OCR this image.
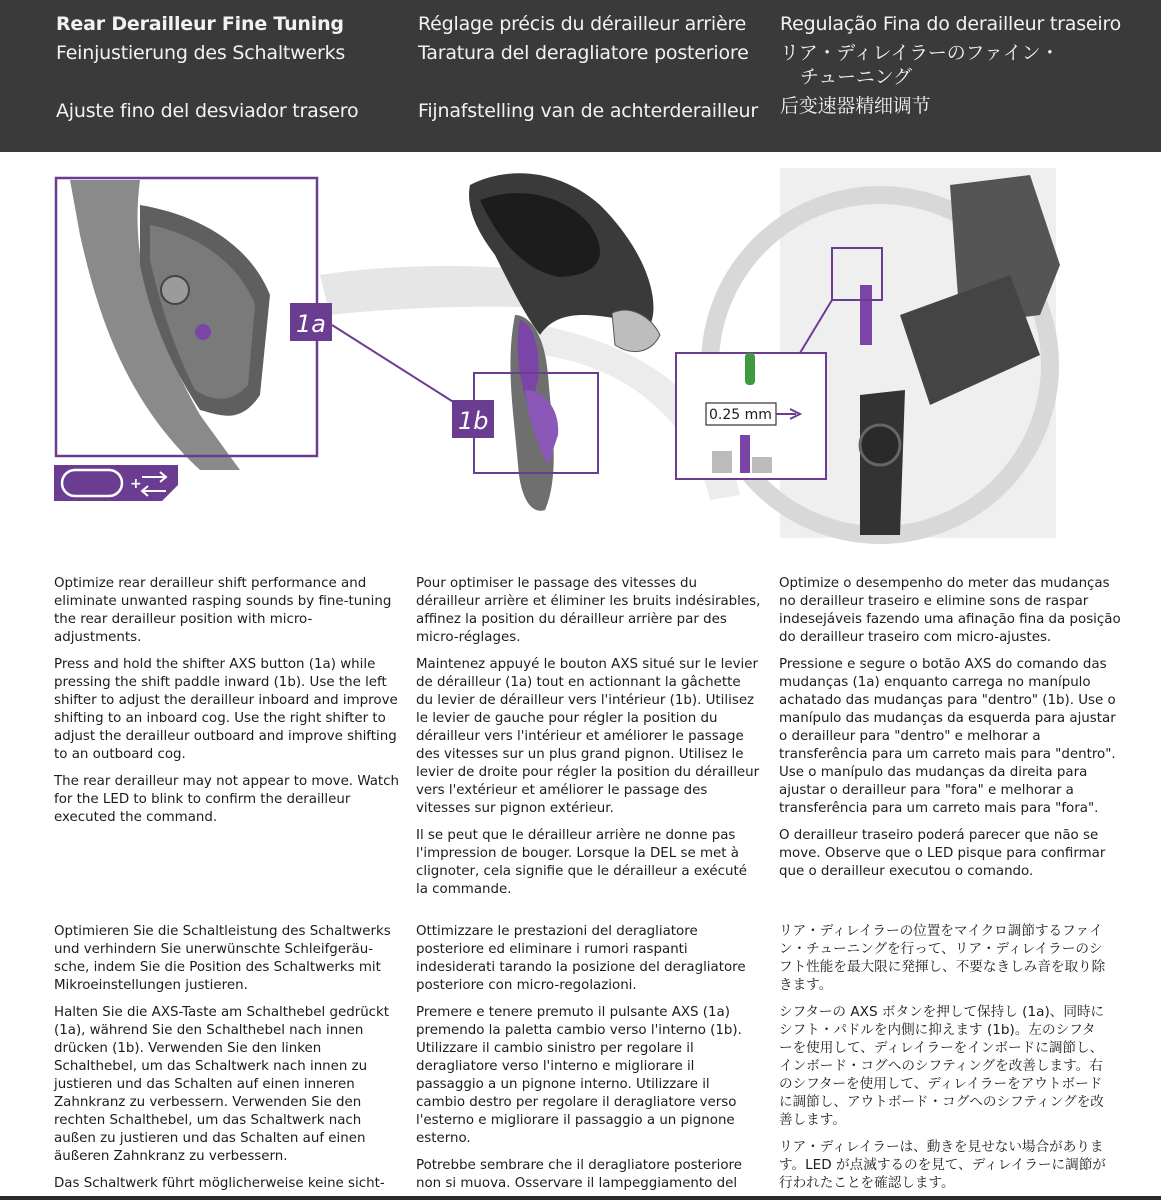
Rear Derailleur Fine Tuning
Feinjustierung des Schaltwerks
Ajuste fino del desviador trasero
Réglage précis du dérailleur arrière
Taratura del deragliatore posteriore
Fijnafstelling van de achterderailleur
Regulação Fina do derailleur traseiro
リア・ディレイラーのファイン・
チューニング
后变速器精细调节
+
1a
1b	0.25 mm

Optimize rear derailleur shift performance and eliminate unwanted rasping sounds by fine-tuning the rear derailleur position with micro-adjustments.

Press and hold the shifter AXS button (1a) while pressing the shift paddle inward (1b). Use the left shifter to adjust the derailleur inboard and improve shifting to an inboard cog. Use the right shifter to adjust the derailleur outboard and improve shifting to an outboard cog.

The rear derailleur may not appear to move. Watch for the LED to blink to confirm the derailleur executed the command.

Pour optimiser le passage des vitesses du dérailleur arrière et éliminer les bruits indésirables, affinez la position du dérailleur arrière par des micro-réglages.

Maintenez appuyé le bouton AXS situé sur le levier de dérailleur (1a) tout en actionnant la gâchette du levier de dérailleur vers l'intérieur (1b). Utilisez le levier de gauche pour régler la position du dérailleur vers l'intérieur et améliorer le passage des vitesses sur un plus grand pignon. Utilisez le levier de droite pour régler la position du dérailleur vers l'extérieur et améliorer le passage des vitesses sur pignon extérieur.

Il se peut que le dérailleur arrière ne donne pas l'impression de bouger. Lorsque la DEL se met à clignoter, cela signifie que le dérailleur a exécuté la commande.

Optimize o desempenho do meter das mudanças no derailleur traseiro e elimine sons de raspar indesejáveis fazendo uma afinação fina da posição do derailleur traseiro com micro-ajustes.

Pressione e segure o botão AXS do comando das mudanças (1a) enquanto carrega no manípulo achatado das mudanças para "dentro" (1b). Use o manípulo das mudanças da esquerda para ajustar o derailleur para "dentro" e melhorar a transferência para um carreto mais para "dentro". Use o manípulo das mudanças da direita para ajustar o derailleur para "fora" e melhorar a transferência para um carreto mais para "fora".

O derailleur traseiro poderá parecer que não se move. Observe que o LED pisque para confirmar que o derailleur executou o comando.

Optimieren Sie die Schaltleistung des Schaltwerks und verhindern Sie unerwünschte Schleifgeräusche, indem Sie die Position des Schaltwerks mit Mikroeinstellungen justieren.

Halten Sie die AXS-Taste am Schalthebel gedrückt (1a), während Sie den Schalthebel nach innen drücken (1b). Verwenden Sie den linken Schalthebel, um das Schaltwerk nach innen zu justieren und das Schalten auf einen inneren Zahnkranz zu verbessern. Verwenden Sie den rechten Schalthebel, um das Schaltwerk nach außen zu justieren und das Schalten auf einen äußeren Zahnkranz zu verbessern.

Das Schaltwerk führt möglicherweise keine sicht-

Ottimizzare le prestazioni del deragliatore posteriore ed eliminare i rumori raspanti indesiderati tarando la posizione del deragliatore posteriore con micro-regolazioni.

Premere e tenere premuto il pulsante AXS (1a) premendo la paletta cambio verso l'interno (1b). Utilizzare il cambio sinistro per regolare il deragliatore verso l'interno e migliorare il passaggio a un pignone interno. Utilizzare il cambio destro per regolare il deragliatore verso l'esterno e migliorare il passaggio a un pignone esterno.

Potrebbe sembrare che il deragliatore posteriore non si muova. Osservare il lampeggiamento del

リア・ディレイラーの位置をマイクロ調節するファイン・チューニングを行って、リア・ディレイラーのシフト性能を最大限に発揮し、不要なきしみ音を取り除きます。

シフターの AXS ボタンを押して保持し (1a)、同時にシフト・パドルを内側に抑えます (1b)。左のシフターを使用して、ディレイラーをインボードに調節し、インボード・コグへのシフティングを改善します。右のシフターを使用して、ディレイラーをアウトボードに調節し、アウトボード・コグへのシフティングを改善します。

リア・ディレイラーは、動きを見せない場合があります。LED が点滅するのを見て、ディレイラーに調節が行われたことを確認します。
